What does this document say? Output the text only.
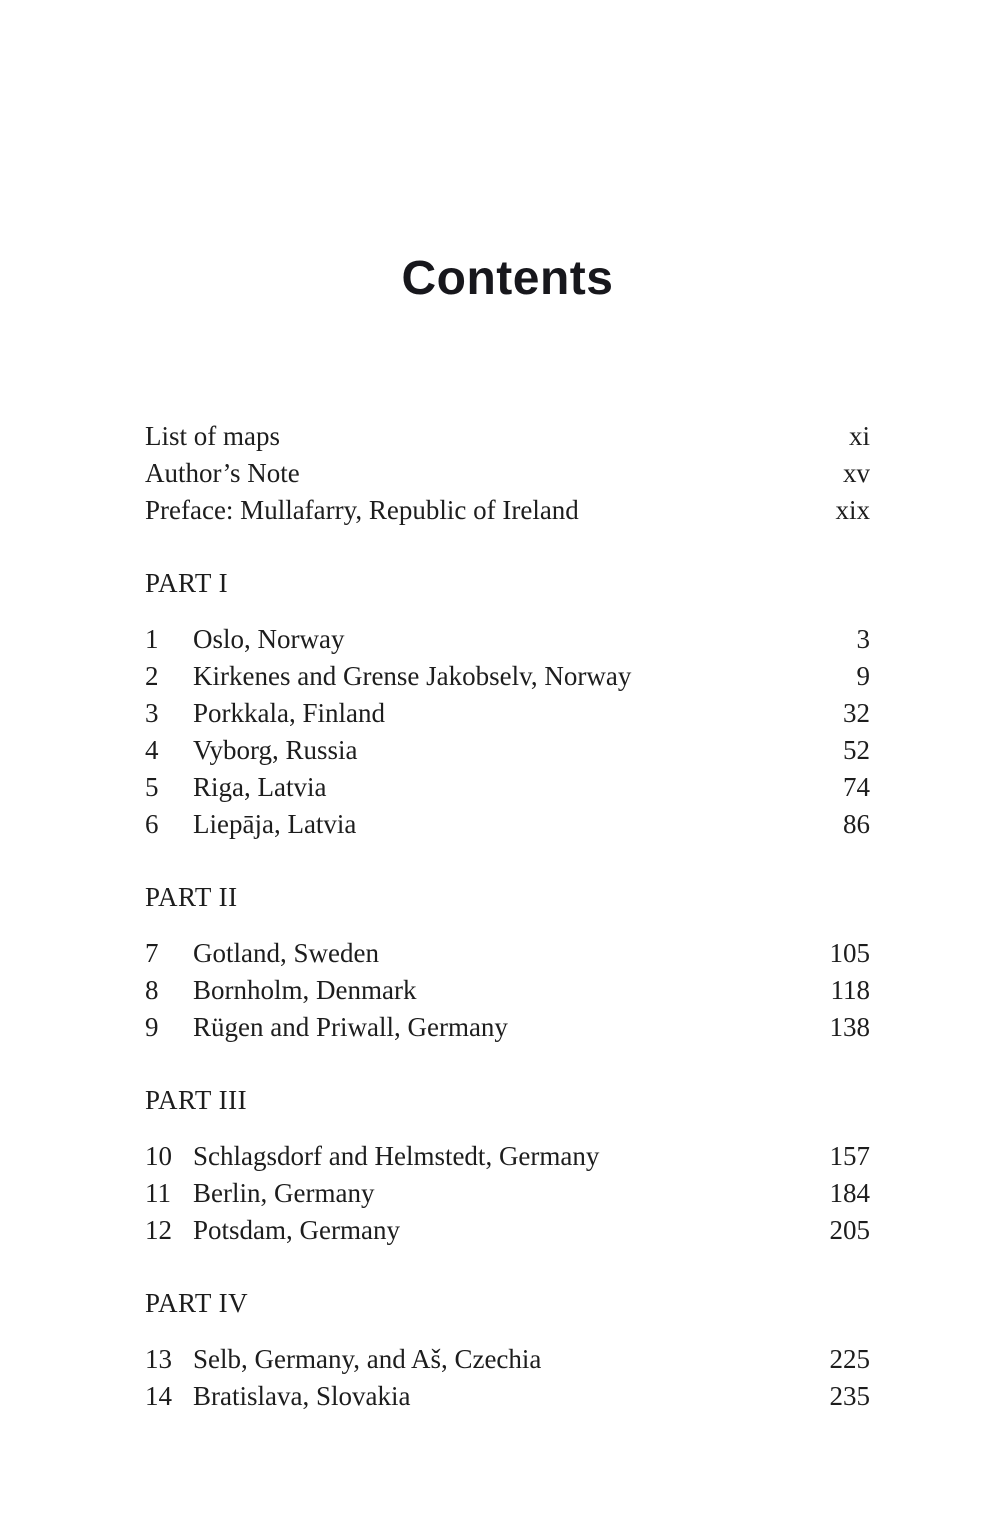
Contents
List of maps	xi
Author’s Note	xv
Preface: Mullafarry, Republic of Ireland	xix
PART I
1	Oslo, Norway	3
2	Kirkenes and Grense Jakobselv, Norway	9
3	Porkkala, Finland	32
4	Vyborg, Russia	52
5	Riga, Latvia	74
6	Liepāja, Latvia	86
PART II
7	Gotland, Sweden	105
8	Bornholm, Denmark	118
9	Rügen and Priwall, Germany	138
PART III
10 Schlagsdorf and Helmstedt, Germany	157
11 Berlin, Germany	184
12 Potsdam, Germany	205
PART IV
13 Selb, Germany, and Aš, Czechia	225
14 Bratislava, Slovakia	235
